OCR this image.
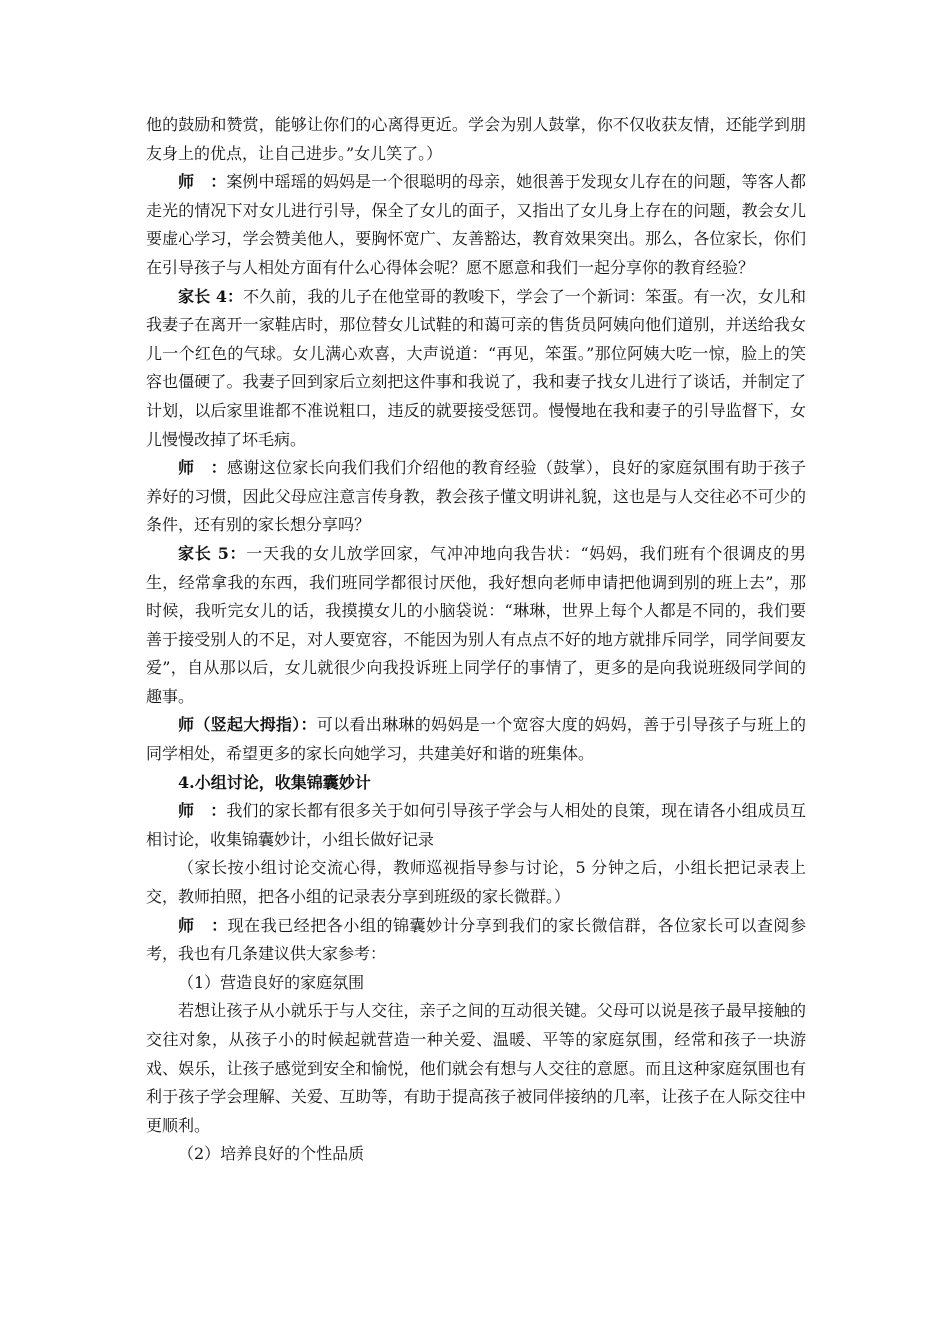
他的鼓励和赞赏，能够让你们的心离得更近。学会为别人鼓掌，你不仅收获友情，还能学到朋友身上的优点，让自己进步。”女儿笑了。）

师　：案例中瑶瑶的妈妈是一个很聪明的母亲，她很善于发现女儿存在的问题，等客人都走光的情况下对女儿进行引导，保全了女儿的面子，又指出了女儿身上存在的问题，教会女儿要虚心学习，学会赞美他人，要胸怀宽广、友善豁达，教育效果突出。那么，各位家长，你们在引导孩子与人相处方面有什么心得体会呢？愿不愿意和我们一起分享你的教育经验？

家长 4：不久前，我的儿子在他堂哥的教唆下，学会了一个新词：笨蛋。有一次，女儿和我妻子在离开一家鞋店时，那位替女儿试鞋的和蔼可亲的售货员阿姨向他们道别，并送给我女儿一个红色的气球。女儿满心欢喜，大声说道：“再见，笨蛋。”那位阿姨大吃一惊，脸上的笑容也僵硬了。我妻子回到家后立刻把这件事和我说了，我和妻子找女儿进行了谈话，并制定了计划，以后家里谁都不准说粗口，违反的就要接受惩罚。慢慢地在我和妻子的引导监督下，女儿慢慢改掉了坏毛病。

师　：感谢这位家长向我们我们介绍他的教育经验（鼓掌），良好的家庭氛围有助于孩子养好的习惯，因此父母应注意言传身教，教会孩子懂文明讲礼貌，这也是与人交往必不可少的条件，还有别的家长想分享吗？

家长 5：一天我的女儿放学回家，气冲冲地向我告状：“妈妈，我们班有个很调皮的男生，经常拿我的东西，我们班同学都很讨厌他，我好想向老师申请把他调到别的班上去”，那时候，我听完女儿的话，我摸摸女儿的小脑袋说：“琳琳，世界上每个人都是不同的，我们要善于接受别人的不足，对人要宽容，不能因为别人有点点不好的地方就排斥同学，同学间要友爱”，自从那以后，女儿就很少向我投诉班上同学仔的事情了，更多的是向我说班级同学间的趣事。

师（竖起大拇指）：可以看出琳琳的妈妈是一个宽容大度的妈妈，善于引导孩子与班上的同学相处，希望更多的家长向她学习，共建美好和谐的班集体。

4.小组讨论，收集锦囊妙计

师　：我们的家长都有很多关于如何引导孩子学会与人相处的良策，现在请各小组成员互相讨论，收集锦囊妙计，小组长做好记录

（家长按小组讨论交流心得，教师巡视指导参与讨论，5 分钟之后，小组长把记录表上交，教师拍照，把各小组的记录表分享到班级的家长微群。）

师　：现在我已经把各小组的锦囊妙计分享到我们的家长微信群，各位家长可以查阅参考，我也有几条建议供大家参考：

（1）营造良好的家庭氛围

若想让孩子从小就乐于与人交往，亲子之间的互动很关键。父母可以说是孩子最早接触的交往对象，从孩子小的时候起就营造一种关爱、温暖、平等的家庭氛围，经常和孩子一块游戏、娱乐，让孩子感觉到安全和愉悦，他们就会有想与人交往的意愿。而且这种家庭氛围也有利于孩子学会理解、关爱、互助等，有助于提高孩子被同伴接纳的几率，让孩子在人际交往中更顺利。

（2）培养良好的个性品质
